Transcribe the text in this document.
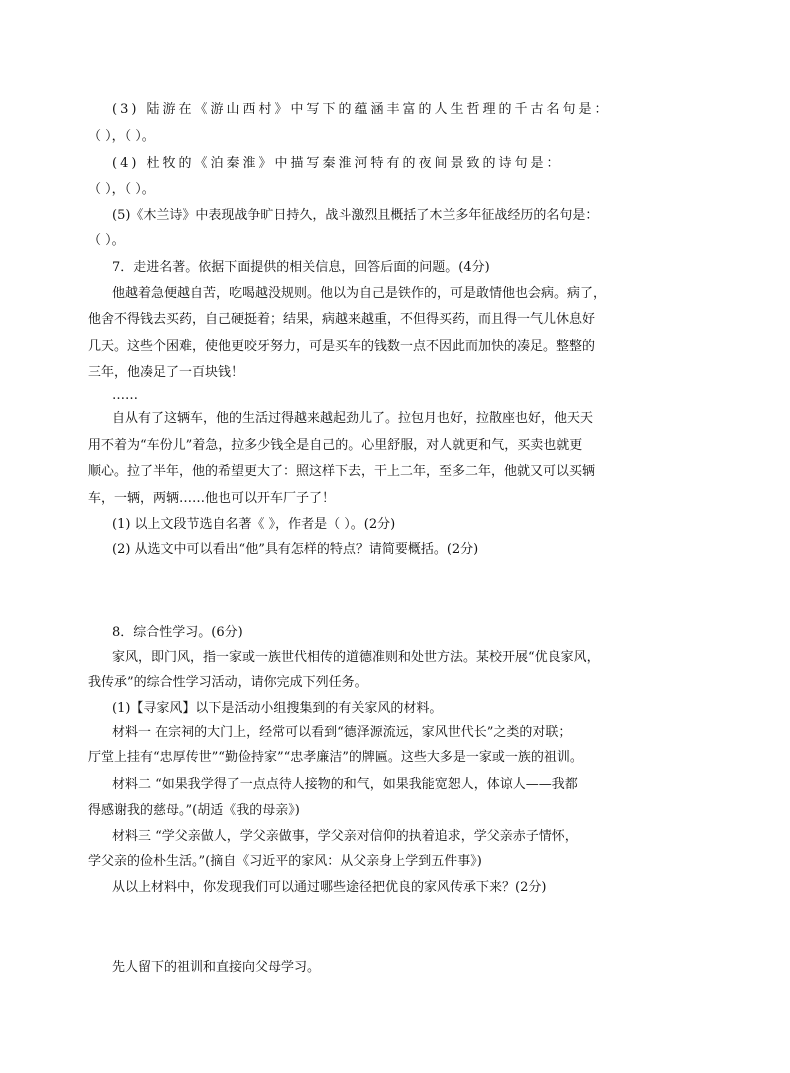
(3) 陆游在《游山西村》中写下的蕴涵丰富的人生哲理的千古名句是：
（ ），（ ）。
(4) 杜牧的《泊秦淮》中描写秦淮河特有的夜间景致的诗句是：
（ ），（ ）。
(5)《木兰诗》中表现战争旷日持久，战斗激烈且概括了木兰多年征战经历的名句是：
（ ）。
7．走进名著。依据下面提供的相关信息，回答后面的问题。(4分)
他越着急便越自苦，吃喝越没规则。他以为自己是铁作的，可是敢情他也会病。病了，
他舍不得钱去买药，自己硬挺着；结果，病越来越重，不但得买药，而且得一气儿休息好
几天。这些个困难，使他更咬牙努力，可是买车的钱数一点不因此而加快的凑足。整整的
三年，他凑足了一百块钱！
……
自从有了这辆车，他的生活过得越来越起劲儿了。拉包月也好，拉散座也好，他天天
用不着为“车份儿”着急，拉多少钱全是自己的。心里舒服，对人就更和气，买卖也就更
顺心。拉了半年，他的希望更大了：照这样下去，干上二年，至多二年，他就又可以买辆
车，一辆，两辆……他也可以开车厂子了！
(1) 以上文段节选自名著《 》，作者是（ ）。(2分)
(2) 从选文中可以看出“他”具有怎样的特点？请简要概括。(2分)
8．综合性学习。(6分)
家风，即门风，指一家或一族世代相传的道德准则和处世方法。某校开展“优良家风，
我传承”的综合性学习活动，请你完成下列任务。
(1)【寻家风】以下是活动小组搜集到的有关家风的材料。
材料一 在宗祠的大门上，经常可以看到“德泽源流远，家风世代长”之类的对联；
厅堂上挂有“忠厚传世”“勤俭持家”“忠孝廉洁”的牌匾。这些大多是一家或一族的祖训。
材料二 “如果我学得了一点点待人接物的和气，如果我能宽恕人，体谅人——我都
得感谢我的慈母。”(胡适《我的母亲》)
材料三 “学父亲做人，学父亲做事，学父亲对信仰的执着追求，学父亲赤子情怀，
学父亲的俭朴生活。”(摘自《习近平的家风：从父亲身上学到五件事》)
从以上材料中，你发现我们可以通过哪些途径把优良的家风传承下来？(2分)
先人留下的祖训和直接向父母学习。
